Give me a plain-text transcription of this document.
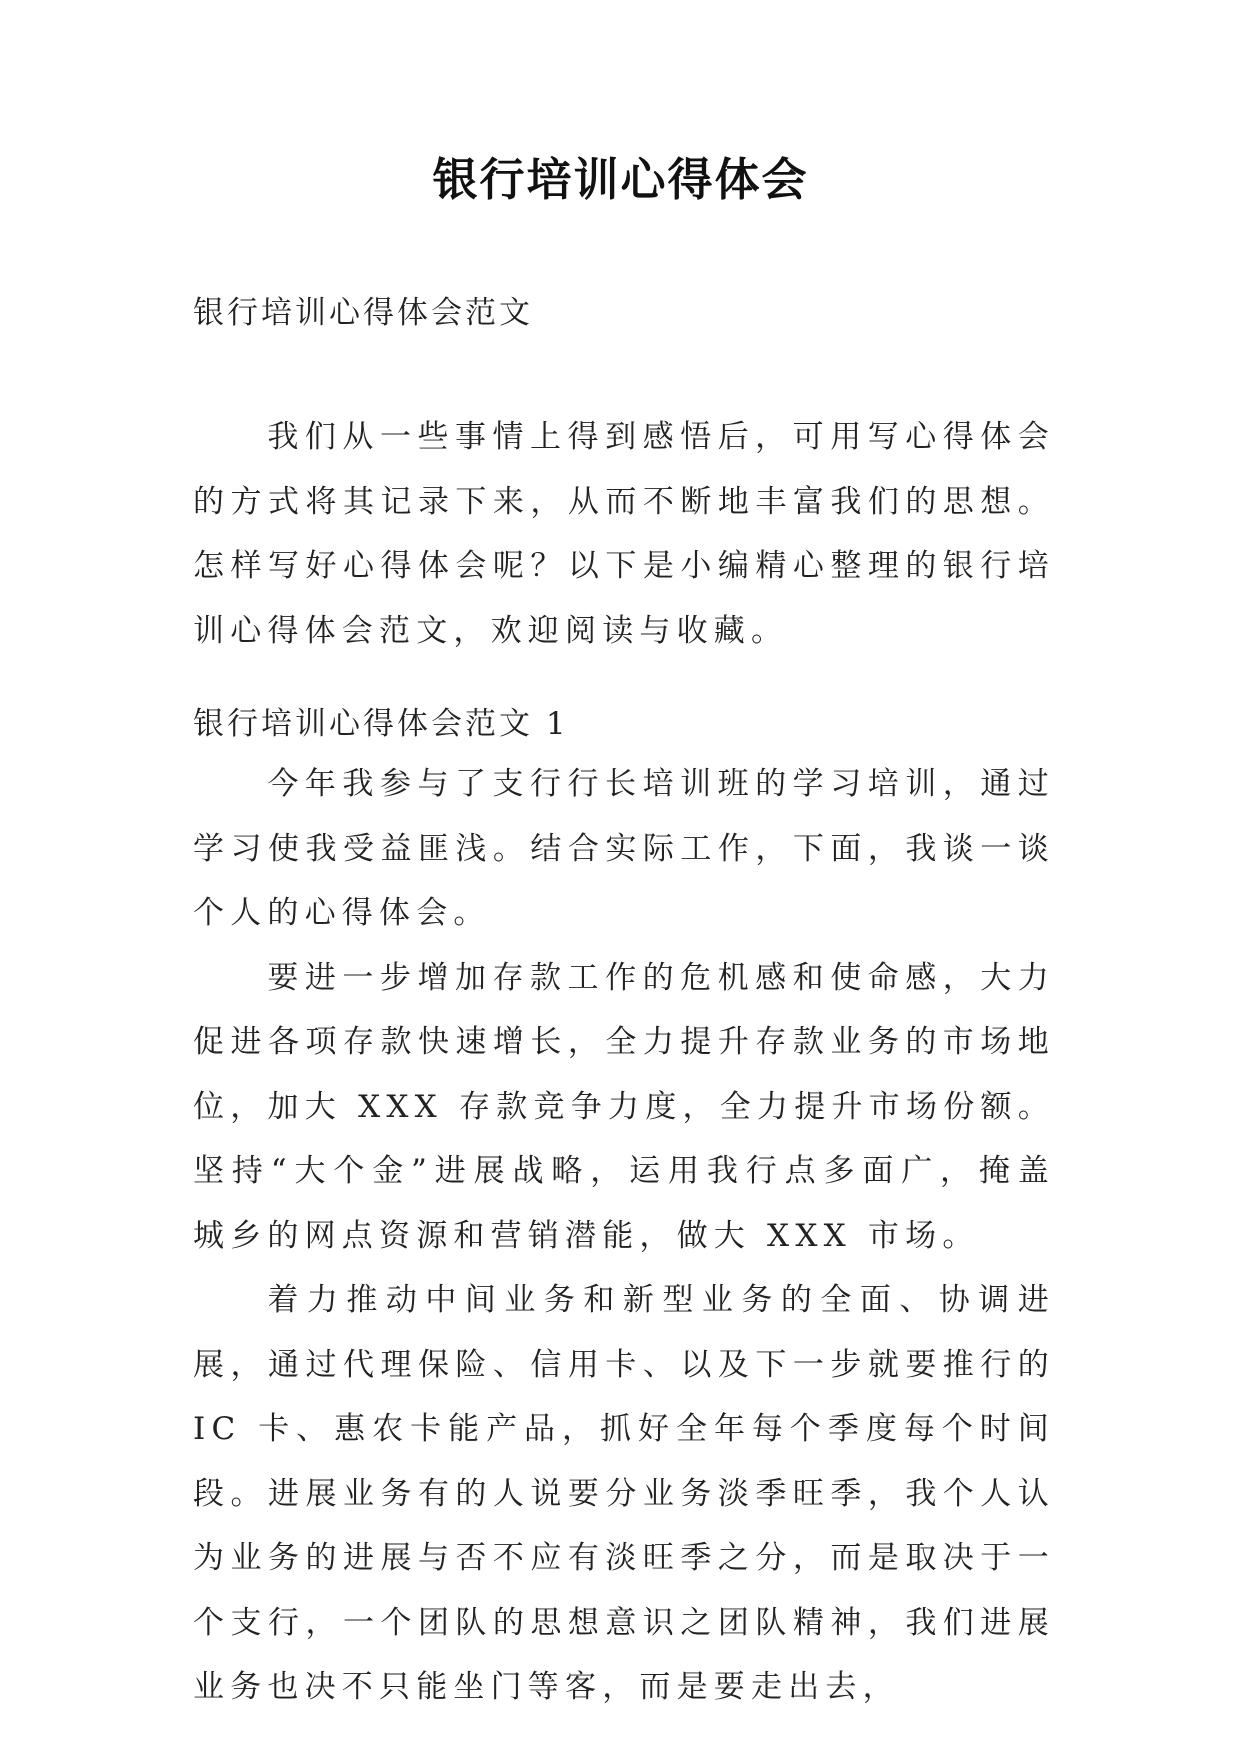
银行培训心得体会
银行培训心得体会范文

我们从一些事情上得到感悟后，可用写心得体会的方式将其记录下来，从而不断地丰富我们的思想。怎样写好心得体会呢？以下是小编精心整理的银行培训心得体会范文，欢迎阅读与收藏。

银行培训心得体会范文 1

今年我参与了支行行长培训班的学习培训，通过学习使我受益匪浅。结合实际工作，下面，我谈一谈个人的心得体会。

要进一步增加存款工作的危机感和使命感，大力促进各项存款快速增长，全力提升存款业务的市场地位，加大 XXX 存款竞争力度，全力提升市场份额。坚持“大个金”进展战略，运用我行点多面广，掩盖城乡的网点资源和营销潜能，做大 XXX 市场。

着力推动中间业务和新型业务的全面、协调进展，通过代理保险、信用卡、以及下一步就要推行的 IC 卡、惠农卡能产品，抓好全年每个季度每个时间段。进展业务有的人说要分业务淡季旺季，我个人认为业务的进展与否不应有淡旺季之分，而是取决于一个支行，一个团队的思想意识之团队精神，我们进展业务也决不只能坐门等客，而是要走出去，
